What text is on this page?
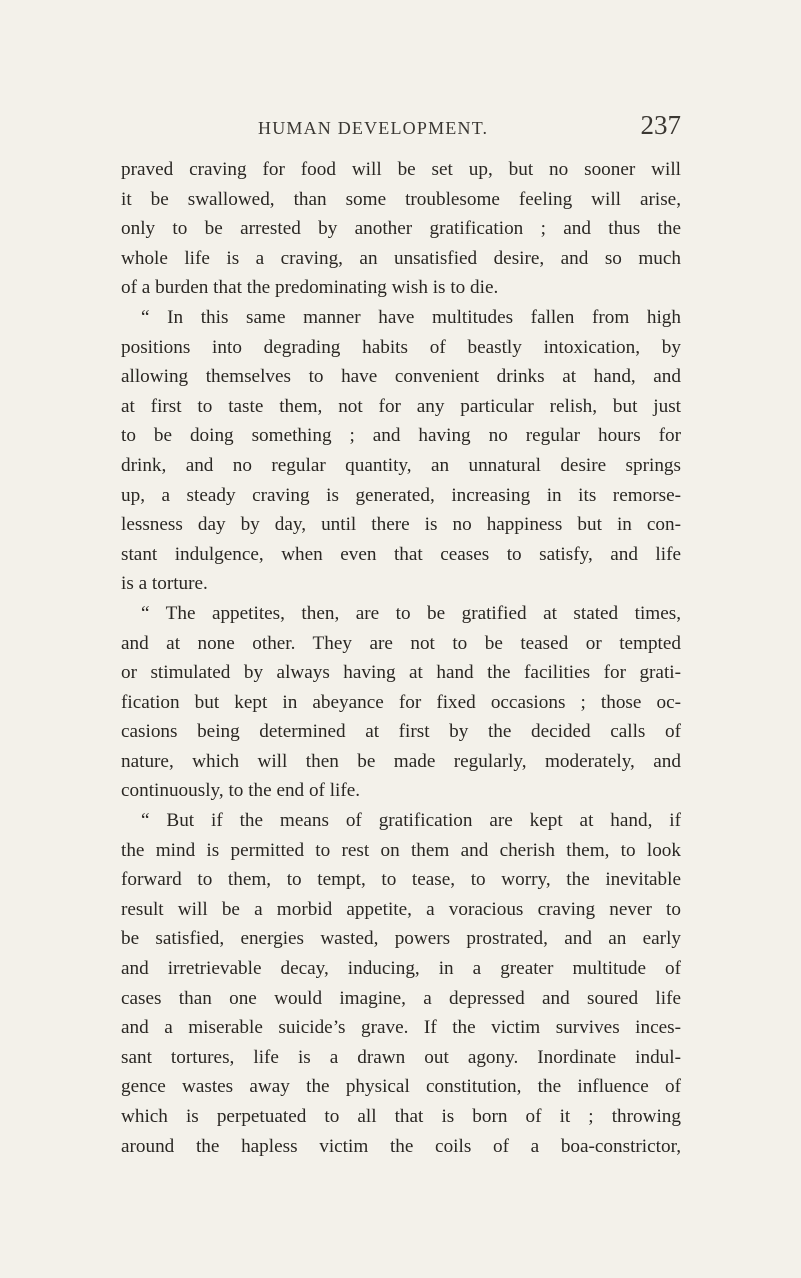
HUMAN DEVELOPMENT.	237
praved craving for food will be set up, but no sooner will
it be swallowed, than some troublesome feeling will arise,
only to be arrested by another gratification ; and thus the
whole life is a craving, an unsatisfied desire, and so much
of a burden that the predominating wish is to die.
“ In this same manner have multitudes fallen from high
positions into degrading habits of beastly intoxication, by
allowing themselves to have convenient drinks at hand, and
at first to taste them, not for any particular relish, but just
to be doing something ; and having no regular hours for
drink, and no regular quantity, an unnatural desire springs
up, a steady craving is generated, increasing in its remorse-
lessness day by day, until there is no happiness but in con-
stant indulgence, when even that ceases to satisfy, and life
is a torture.
“ The appetites, then, are to be gratified at stated times,
and at none other. They are not to be teased or tempted
or stimulated by always having at hand the facilities for grati-
fication but kept in abeyance for fixed occasions ; those oc-
casions being determined at first by the decided calls of
nature, which will then be made regularly, moderately, and
continuously, to the end of life.
“ But if the means of gratification are kept at hand, if
the mind is permitted to rest on them and cherish them, to look
forward to them, to tempt, to tease, to worry, the inevitable
result will be a morbid appetite, a voracious craving never to
be satisfied, energies wasted, powers prostrated, and an early
and irretrievable decay, inducing, in a greater multitude of
cases than one would imagine, a depressed and soured life
and a miserable suicide’s grave. If the victim survives inces-
sant tortures, life is a drawn out agony. Inordinate indul-
gence wastes away the physical constitution, the influence of
which is perpetuated to all that is born of it ; throwing
around the hapless victim the coils of a boa-constrictor,
